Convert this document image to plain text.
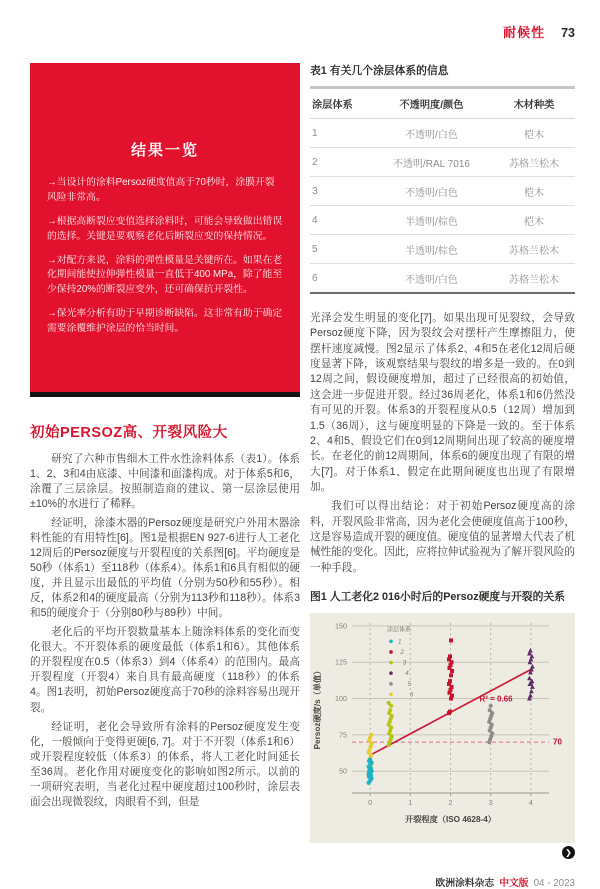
耐候性 73
结果一览
→当设计的涂料Persoz硬度值高于70秒时，涂膜开裂风险非常高。
→根据高断裂应变值选择涂料时，可能会导致做出错误的选择。关键是要观察老化后断裂应变的保持情况。
→对配方来说，涂料的弹性模量是关键所在。如果在老化期间能使拉伸弹性模量一直低于400 MPa，除了能至少保持20%的断裂应变外，还可确保抗开裂性。
→保光率分析有助于早期诊断缺陷。这非常有助于确定需要涂覆维护涂层的恰当时间。
初始PERSOZ高、开裂风险大

研究了六种市售细木工件水性涂料体系（表1）。体系1、2、3和4由底漆、中间漆和面漆构成。对于体系5和6，涂覆了三层涂层。按照制造商的建议、第一层涂层使用±10%的水进行了稀释。

经证明，涂漆木器的Persoz硬度是研究户外用木器涂料性能的有用特性[6]。图1是根据EN 927-6进行人工老化12周后的Persoz硬度与开裂程度的关系图[6]。平均硬度是50秒（体系1）至118秒（体系4）。体系1和6具有相似的硬度，并且显示出最低的平均值（分别为50秒和55秒）。相反，体系2和4的硬度最高（分别为113秒和118秒）。体系3和5的硬度介于（分别80秒与89秒）中间。

老化后的平均开裂数量基本上随涂料体系的变化而变化很大。不开裂体系的硬度最低（体系1和6）。其他体系的开裂程度在0.5（体系3）到4（体系4）的范围内。最高开裂程度（开裂4）来自具有最高硬度（118秒）的体系4。图1表明，初始Persoz硬度高于70秒的涂料容易出现开裂。

经证明，老化会导致所有涂料的Persoz硬度发生变化，一般倾向于变得更硬[6, 7]。对于不开裂（体系1和6）或开裂程度较低（体系3）的体系，将人工老化时间延长至36周。老化作用对硬度变化的影响如图2所示。以前的一项研究表明，当老化过程中硬度超过100秒时，涂层表面会出现微裂纹，肉眼看不到，但是

表1 有关几个涂层体系的信息
涂层体系	不透明度/颜色	木材种类
1	不透明/白色	桤木
2	不透明/RAL 7016	苏格兰松木
3	不透明/白色	桤木
4	半透明/棕色	桤木
5	半透明/棕色	苏格兰松木
6	不透明/白色	苏格兰松木

光泽会发生明显的变化[7]。如果出现可见裂纹，会导致Persoz硬度下降，因为裂纹会对摆杆产生摩擦阻力，使摆杆速度减慢。图2显示了体系2、4和5在老化12周后硬度显著下降，该观察结果与裂纹的增多是一致的。在0到12周之间，假设硬度增加，超过了已经很高的初始值，这会进一步促进开裂。经过36周老化，体系1和6仍然没有可见的开裂。体系3的开裂程度从0.5（12周）增加到1.5（36周），这与硬度明显的下降是一致的。至于体系2、4和5、假设它们在0到12周期间出现了较高的硬度增长。在老化的前12周期间，体系6的硬度出现了有限的增大[7]。对于体系1、假定在此期间硬度也出现了有限增加。

我们可以得出结论：对于初始Persoz硬度高的涂料，开裂风险非常高，因为老化会使硬度值高于100秒，这是容易造成开裂的硬度值。硬度值的显著增大代表了机械性能的变化。因此，应将拉伸试验视为了解开裂风险的一种手段。

图1 人工老化2 016小时后的Persoz硬度与开裂的关系
50
75
100
125
150
0	1	2	3	4
70
R² = 0.66
涂层体系
1
2
3
4
5
6
开裂程度（ISO 4628-4）
Persoz硬度/s（单值）
❯
欧洲涂料杂志 中文版 04 - 2023
